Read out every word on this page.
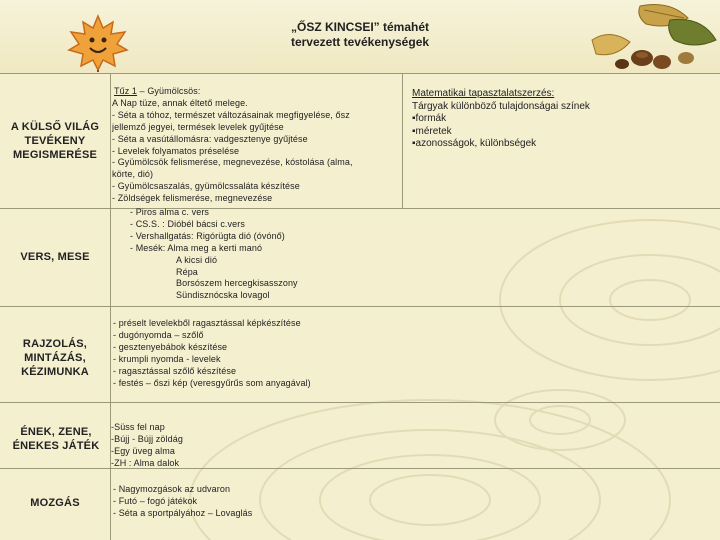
„ŐSZ KINCSEI” témahét
tervezett tevékenységek
A KÜLSŐ VILÁG
TEVÉKENY
MEGISMERÉSE
Tűz 1 – Gyümölcsös:
A Nap tüze, annak éltető melege.
- Séta a tóhoz, természet változásainak megfigyelése, ősz
jellemző jegyei, termések levelek gyűjtése
- Séta a vasútállomásra: vadgesztenye gyűjtése
- Levelek folyamatos préselése
- Gyümölcsök felismerése, megnevezése, kóstolása (alma,
körte, dió)
- Gyümölcsaszalás, gyümölcssaláta készítése
- Zöldségek felismerése, megnevezése
Matematikai tapasztalatszerzés:
Tárgyak különböző tulajdonságai színek
▪formák
▪méretek
▪azonosságok, különbségek
VERS, MESE
- Piros alma c. vers
- CS.S. : Dióbél bácsi c.vers
- Vershallgatás: Rigórügta dió (óvónő)
- Mesék: Alma meg a kerti manó
A kicsi dió
Répa
Borsószem hercegkisasszony
Sündisznócska lovagol
RAJZOLÁS,
MINTÁZÁS,
KÉZIMUNKA
- préselt levelekből ragasztással képkészítése
- dugónyomda – szőlő
- gesztenyebábok készítése
- krumpli nyomda - levelek
- ragasztással szőlő készítése
- festés – őszi kép (veresgyűrűs som anyagával)
ÉNEK, ZENE,
ÉNEKES JÁTÉK
-Süss fel nap
-Bújj - Bújj zöldág
-Egy üveg alma
-ZH : Alma dalok
MOZGÁS
- Nagymozgások az udvaron
- Futó – fogó játékok
- Séta a sportpályához – Lovaglás
